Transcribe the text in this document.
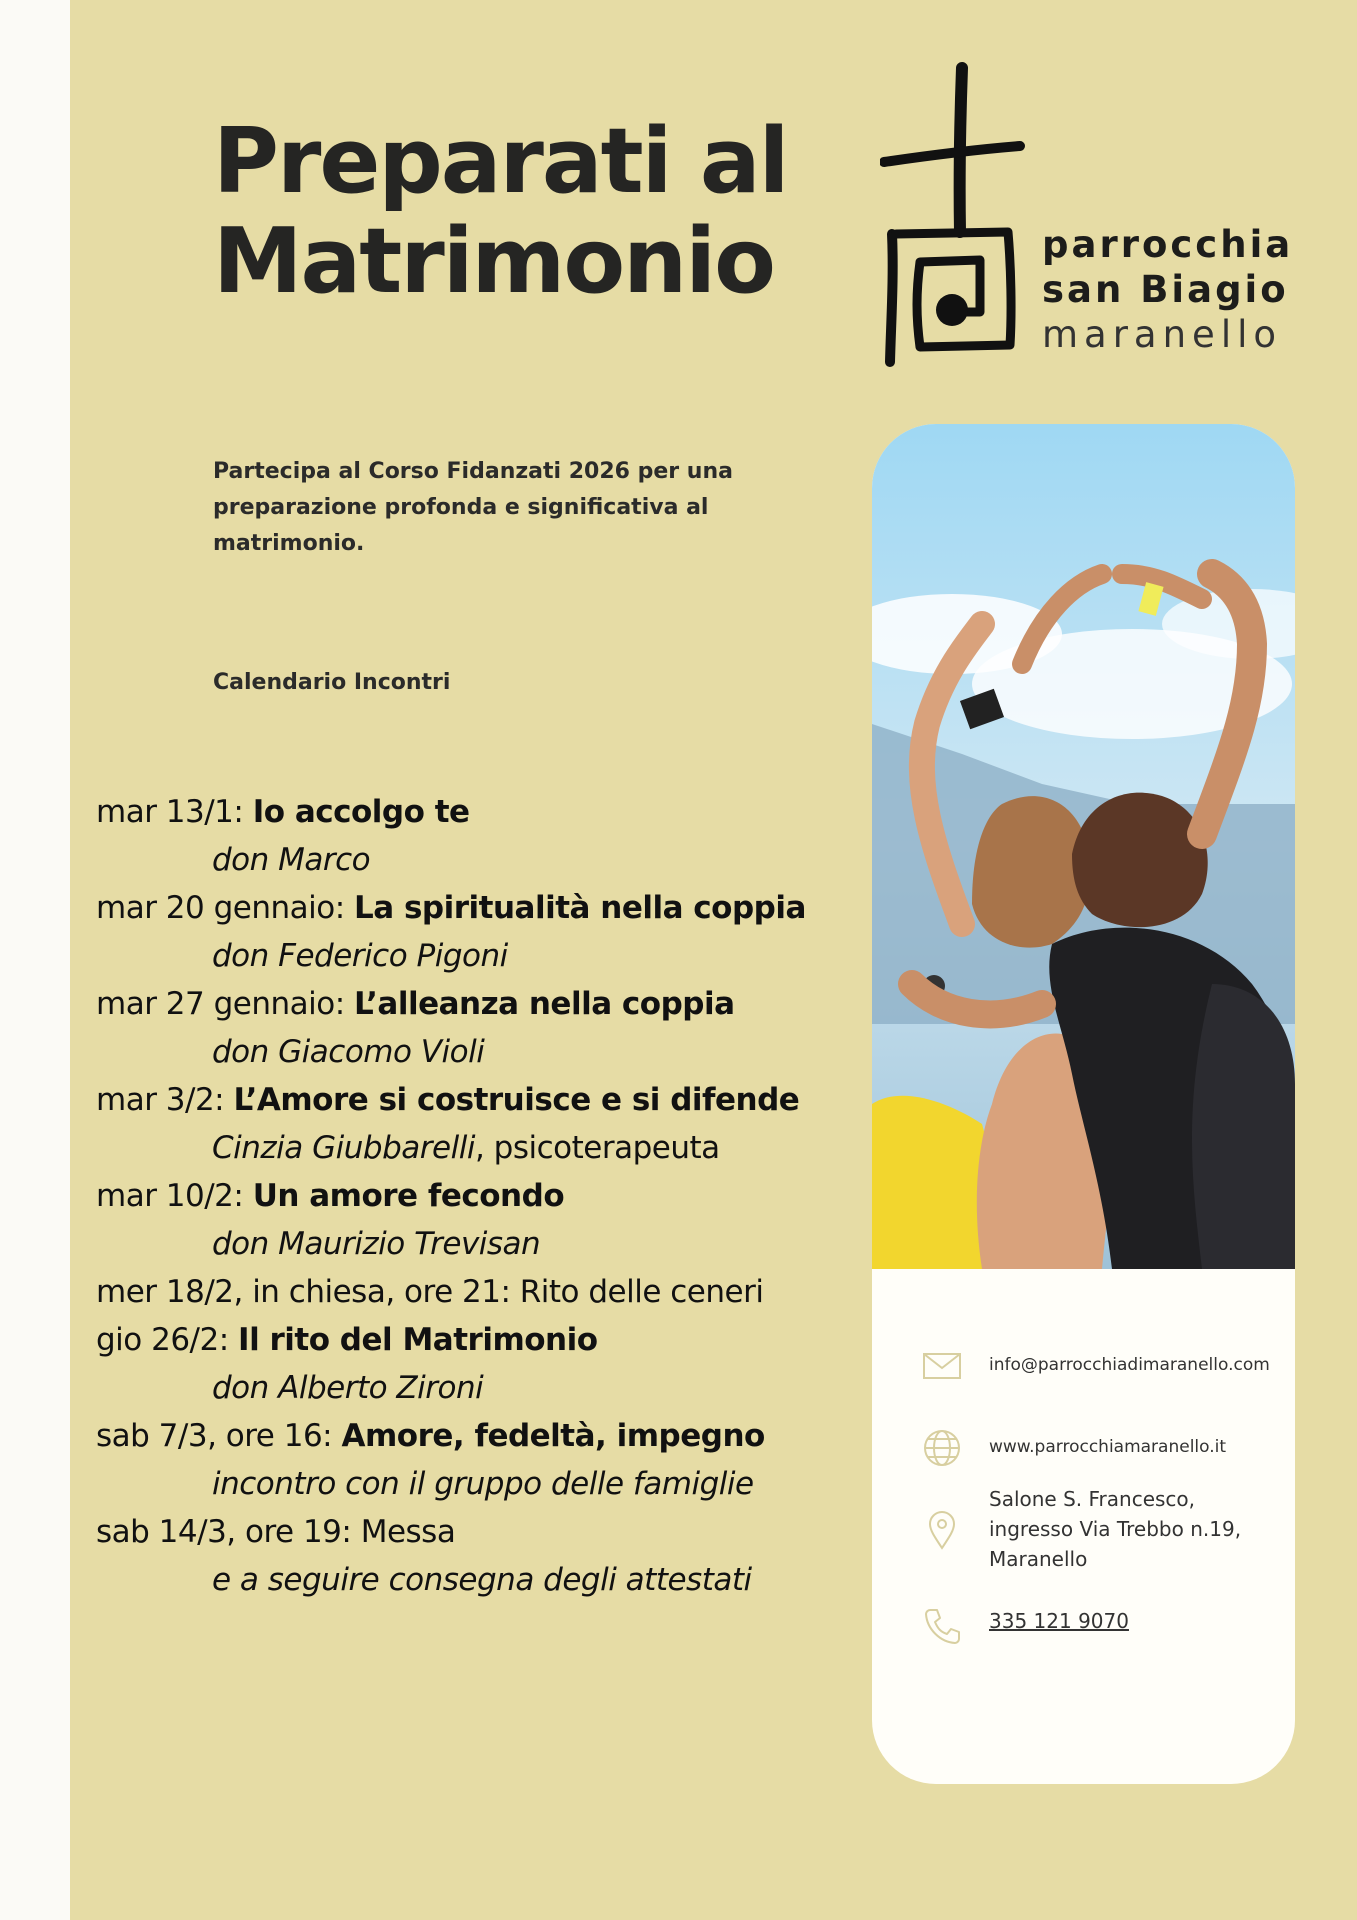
Preparati al
Matrimonio	parrocchia
san Biagio
maranello

Partecipa al Corso Fidanzati 2026 per una preparazione profonda e significativa al matrimonio.

Calendario Incontri
mar 13/1: Io accolgo te
don Marco
mar 20 gennaio: La spiritualità nella coppia
don Federico Pigoni
mar 27 gennaio: L’alleanza nella coppia
don Giacomo Violi
mar 3/2: L’Amore si costruisce e si difende
Cinzia Giubbarelli, psicoterapeuta
mar 10/2: Un amore fecondo
don Maurizio Trevisan
mer 18/2, in chiesa, ore 21: Rito delle ceneri
gio 26/2: Il rito del Matrimonio
don Alberto Zironi
sab 7/3, ore 16: Amore, fedeltà, impegno
incontro con il gruppo delle famiglie
sab 14/3, ore 19: Messa
e a seguire consegna degli attestati
info@parrocchiadimaranello.com
www.parrocchiamaranello.it
Salone S. Francesco,
ingresso Via Trebbo n.19,
Maranello
335 121 9070
